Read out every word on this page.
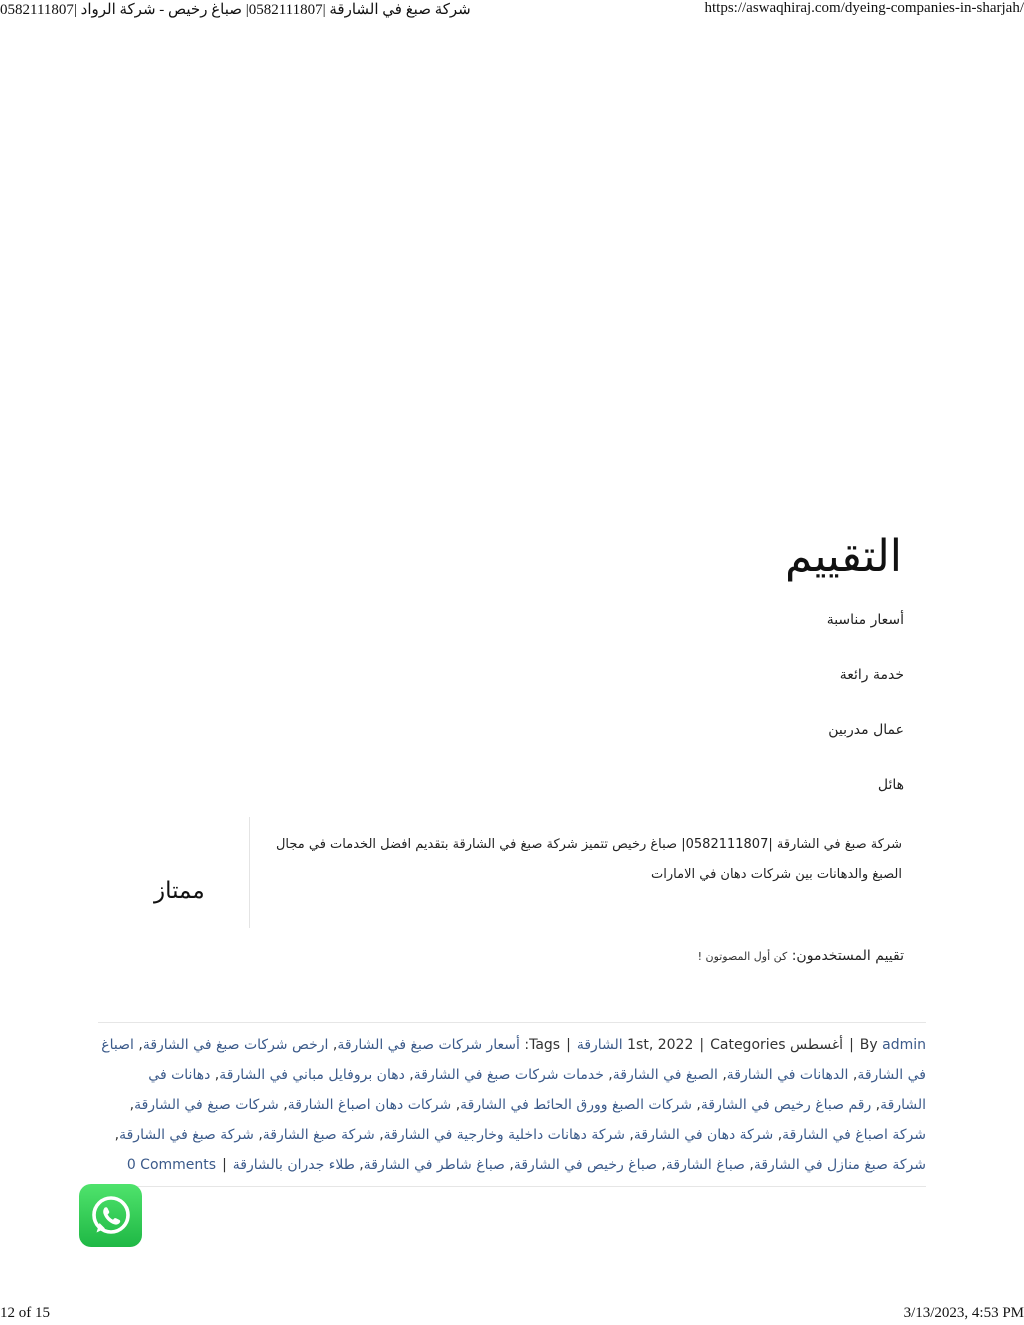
شركة صبغ في الشارقة |0582111807| صباغ رخيص - شركة الرواد |0582111807	https://aswaqhiraj.com/dyeing-companies-in-sharjah/
التقييم
أسعار مناسبة
خدمة رائعة
عمال مدربين
هائل
شركة صبغ في الشارقة |0582111807| صباغ رخيص تتميز شركة صبغ في الشارقة بتقديم افضل الخدمات في مجال الصبغ والدهانات بين شركات دهان في الامارات
ممتاز
تقييم المستخدمون: كن أول المصوتون !
By admin|أغسطس 1st, 2022 | Categories الشارقة|Tags: أسعار شركات صبغ في الشارقة, ارخص شركات صبغ في الشارقة, اصباغ في الشارقة, الدهانات في الشارقة, الصبغ في الشارقة, خدمات شركات صبغ في الشارقة, دهان بروفايل مباني في الشارقة, دهانات في الشارقة, رقم صباغ رخيص في الشارقة, شركات الصبغ وورق الحائط في الشارقة, شركات دهان اصباغ الشارقة, شركات صبغ في الشارقة, شركة اصباغ في الشارقة, شركة دهان في الشارقة, شركة دهانات داخلية وخارجية في الشارقة, شركة صبغ الشارقة, شركة صبغ في الشارقة, شركة صبغ منازل في الشارقة, صباغ الشارقة, صباغ رخيص في الشارقة, صباغ شاطر في الشارقة, طلاء جدران بالشارقة|0 Comments
12 of 15	3/13/2023, 4:53 PM
